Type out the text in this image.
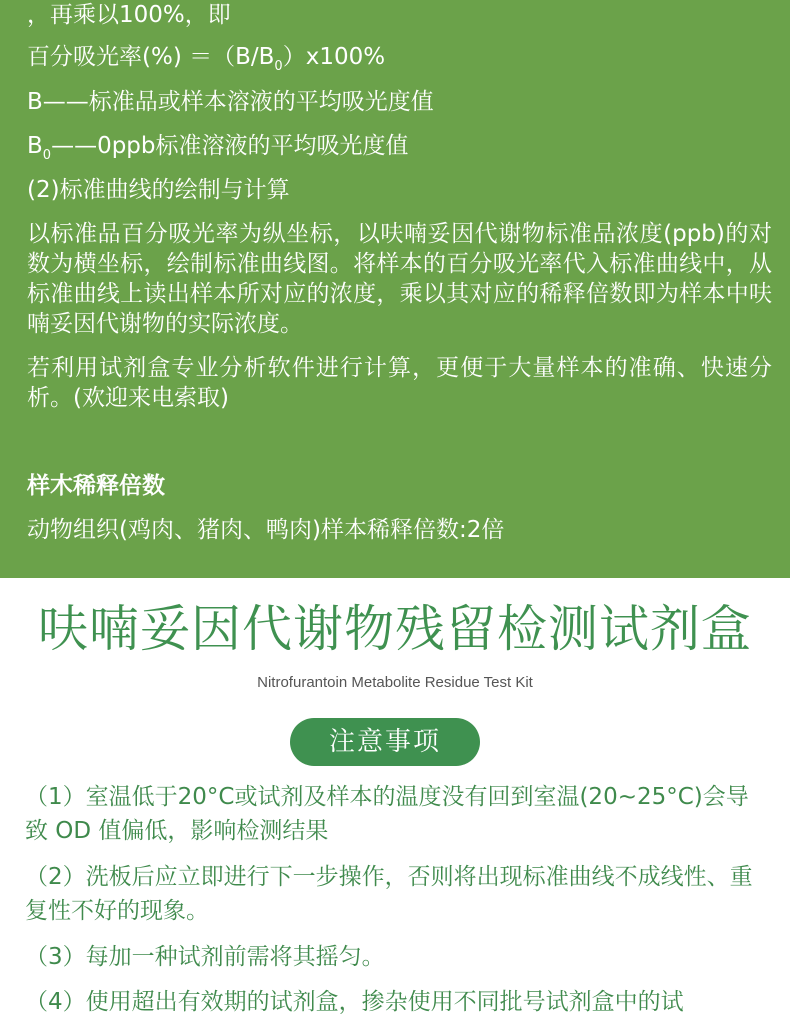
，再乘以100%，即
百分吸光率(%) $=(B/B_0)x100\%$
B——标准品或样本溶液的平均吸光度值
$B_0——0ppb$标准溶液的平均吸光度值
(2)标准曲线的绘制与计算
以标准品百分吸光率为纵坐标，以呋喃妥因代谢物标准品浓度(ppb)的对数为横坐标，绘制标准曲线图。将样本的百分吸光率代入标准曲线中，从标准曲线上读出样本所对应的浓度，乘以其对应的稀释倍数即为样本中呋喃妥因代谢物的实际浓度。
若利用试剂盒专业分析软件进行计算，更便于大量样本的准确、快速分析。(欢迎来电索取)
样木稀释倍数
动物组织(鸡肉、猪肉、鸭肉)样本稀释倍数:2倍
呋喃妥因代谢物残留检测试剂盒
Nitrofurantoin Metabolite Residue Test Kit
注意事项
（1）室温低于20°C或试剂及样本的温度没有回到室温(20~25°C)会导致 OD 值偏低，影响检测结果
（2）洗板后应立即进行下一步操作，否则将出现标准曲线不成线性、重复性不好的现象。
（3）每加一种试剂前需将其摇匀。
（4）使用超出有效期的试剂盒，掺杂使用不同批号试剂盒中的试
